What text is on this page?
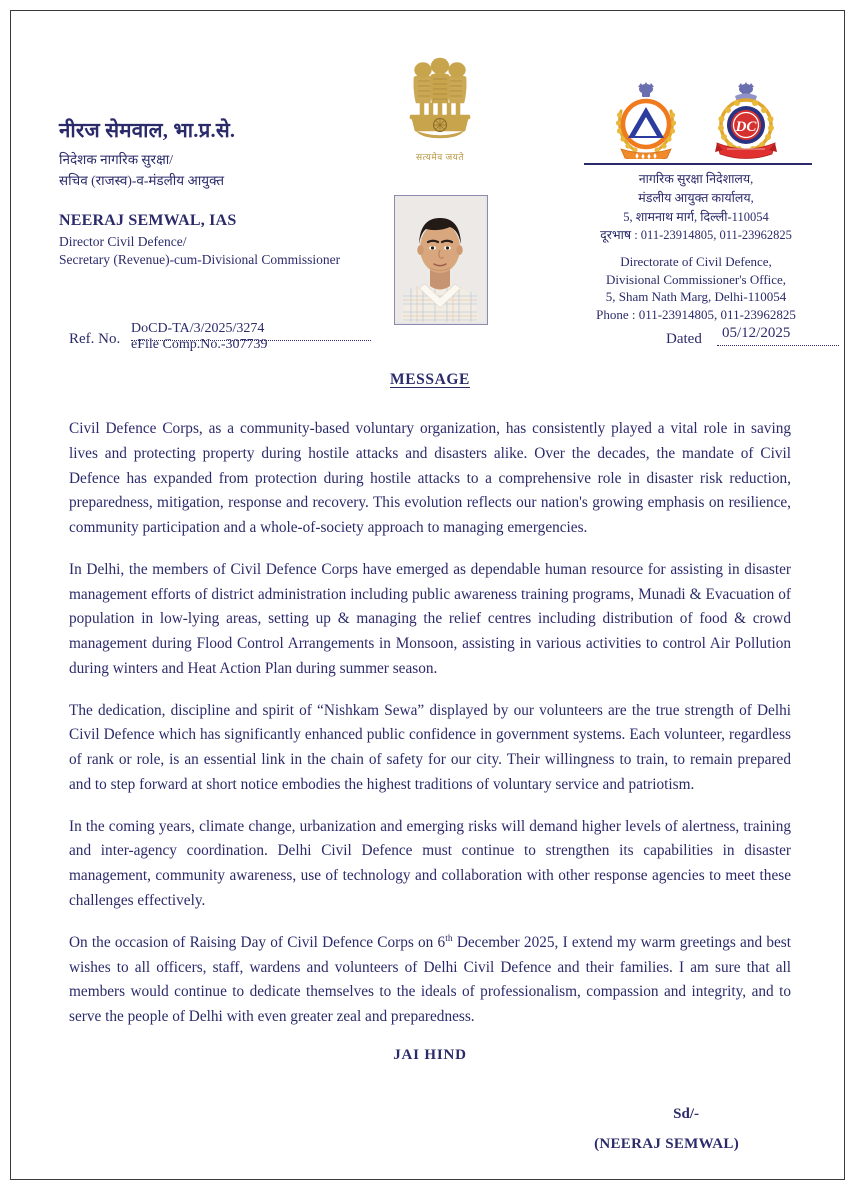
नीरज सेमवाल, भा.प्र.से.
निदेशक नागरिक सुरक्षा/
सचिव (राजस्व)-व-मंडलीय आयुक्त
NEERAJ SEMWAL, IAS
Director Civil Defence/
Secretary (Revenue)-cum-Divisional Commissioner
सत्यमेव जयते
DC
नागरिक सुरक्षा निदेशालय,
मंडलीय आयुक्त कार्यालय,
5, शामनाथ मार्ग, दिल्ली-110054
दूरभाष : 011-23914805, 011-23962825
Directorate of Civil Defence,
Divisional Commissioner's Office,
5, Sham Nath Marg, Delhi-110054
Phone : 011-23914805, 011-23962825
Ref. No.
DoCD-TA/3/2025/3274
eFile Comp.No.-307739	Dated 05/12/2025
MESSAGE

Civil Defence Corps, as a community-based voluntary organization, has consistently played a vital role in saving lives and protecting property during hostile attacks and disasters alike. Over the decades, the mandate of Civil Defence has expanded from protection during hostile attacks to a comprehensive role in disaster risk reduction, preparedness, mitigation, response and recovery. This evolution reflects our nation's growing emphasis on resilience, community participation and a whole-of-society approach to managing emergencies.

In Delhi, the members of Civil Defence Corps have emerged as dependable human resource for assisting in disaster management efforts of district administration including public awareness training programs, Munadi & Evacuation of population in low-lying areas, setting up & managing the relief centres including distribution of food & crowd management during Flood Control Arrangements in Monsoon, assisting in various activities to control Air Pollution during winters and Heat Action Plan during summer season.

The dedication, discipline and spirit of “Nishkam Sewa” displayed by our volunteers are the true strength of Delhi Civil Defence which has significantly enhanced public confidence in government systems. Each volunteer, regardless of rank or role, is an essential link in the chain of safety for our city. Their willingness to train, to remain prepared and to step forward at short notice embodies the highest traditions of voluntary service and patriotism.

In the coming years, climate change, urbanization and emerging risks will demand higher levels of alertness, training and inter-agency coordination. Delhi Civil Defence must continue to strengthen its capabilities in disaster management, community awareness, use of technology and collaboration with other response agencies to meet these challenges effectively.

On the occasion of Raising Day of Civil Defence Corps on 6th December 2025, I extend my warm greetings and best wishes to all officers, staff, wardens and volunteers of Delhi Civil Defence and their families. I am sure that all members would continue to dedicate themselves to the ideals of professionalism, compassion and integrity, and to serve the people of Delhi with even greater zeal and preparedness.

JAI HIND
Sd/-
(NEERAJ SEMWAL)
